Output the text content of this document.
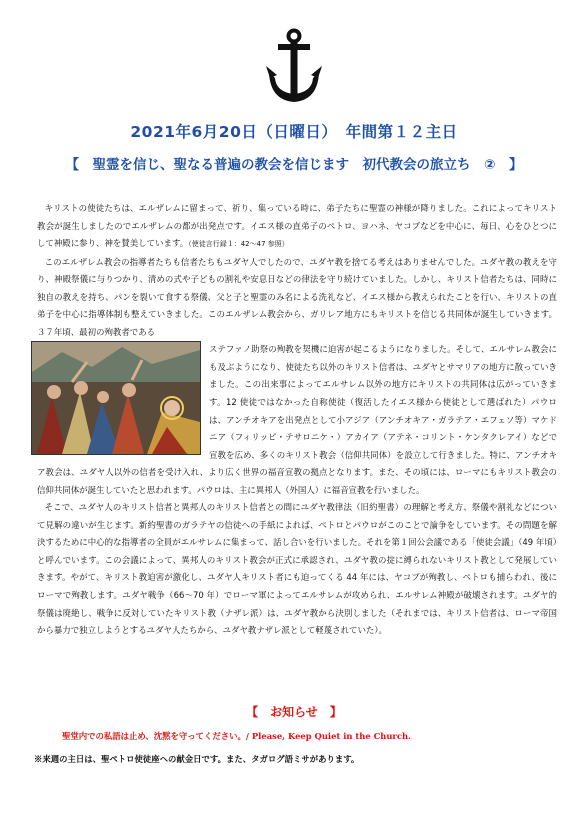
2021年6月20日（日曜日）　年間第１２主日
【　聖霊を信じ、聖なる普遍の教会を信じます　初代教会の旅立ち　②　】

キリストの使徒たちは、エルザレムに留まって、祈り、集っている時に、弟子たちに聖霊の神様が降りました。これによってキリスト教会が誕生しましたのでエルザレムの都が出発点です。イエス様の直弟子のペトロ、ヨハネ、ヤコブなどを中心に、毎日、心をひとつにして神殿に参り、神を賛美しています。（使徒言行録１：42～47 参照）

このエルザレム教会の指導者たちも信者たちもユダヤ人でしたので、ユダヤ教を捨てる考えはありませんでした。ユダヤ教の教えを守り、神殿祭儀に与りつかり、清めの式や子どもの割礼や安息日などの律法を守り続けていました。しかし、キリスト信者たちは、同時に独自の教えを持ち、パンを裂いて食する祭儀、父と子と聖霊のみ名による洗礼など、イエス様から教えられたことを行い、キリストの直弟子を中心に指導体制も整えていきました。このエルザレム教会から、ガリレア地方にもキリストを信じる共同体が誕生していきます。３７年頃、最初の殉教者である

ステファノ助祭の殉教を契機に迫害が起こるようになりました。そして、エルサレム教会にも及ぶようになり、使徒たち以外のキリスト信者は、ユダヤとサマリアの地方に散っていきました。この出来事によってエルサレム以外の地方にキリストの共同体は広がっていきます。12 使徒ではなかった自称使徒（復活したイエス様から使徒として選ばれた）パウロは、アンチオキアを出発点として小アジア（アンチオキア・ガラテア・エフェソ等）マケドニア（フィリッピ・テサロニケ・）アカイア（アテネ・コリント・ケンタクレアイ）などで宣教を広め、多くのキリスト教会（信仰共同体）を設立して行きました。特に、アンチオキア教会は、ユダヤ人以外の信者を受け入れ、より広く世界の福音宣教の拠点となります。また、その頃には、ローマにもキリスト教会の信仰共同体が誕生していたと思われます。パウロは、主に異邦人（外国人）に福音宣教を行いました。

そこで、ユダヤ人のキリスト信者と異邦人のキリスト信者との間にユダヤ教律法（旧約聖書）の理解と考え方、祭儀や割礼などについて見解の違いが生じます。新約聖書のガラテヤの信徒への手紙によれば、ペトロとパウロがこのことで論争をしています。その問題を解決するために中心的な指導者の全員がエルサレムに集まって、話し合いを行いました。それを第１回公会議である「使徒会議」（49 年頃）と呼んでいます。この会議によって、異邦人のキリスト教会が正式に承認され、ユダヤ教の掟に縛られないキリスト教として発展していきます。やがて、キリスト教迫害が激化し、ユダヤ人キリスト者にも迫ってくる 44 年には、ヤコブが殉教し、ペトロも捕らわれ、後にローマで殉教します。ユダヤ戦争（66～70 年）でローマ軍によってエルサレムが攻められ、エルサレム神殿が破壊されます。ユダヤ的祭儀は廃絶し、戦争に反対していたキリスト教（ナザレ派）は、ユダヤ教から決別しました（それまでは、キリスト信者は、ローマ帝国から暴力で独立しようとするユダヤ人たちから、ユダヤ教ナザレ派として軽蔑されていた）。

【　お知らせ　】
聖堂内での私語は止め、沈黙を守ってください。/ Please, Keep Quiet in the Church.
※来週の主日は、聖ペトロ使徒座への献金日です。また、タガログ語ミサがあります。
